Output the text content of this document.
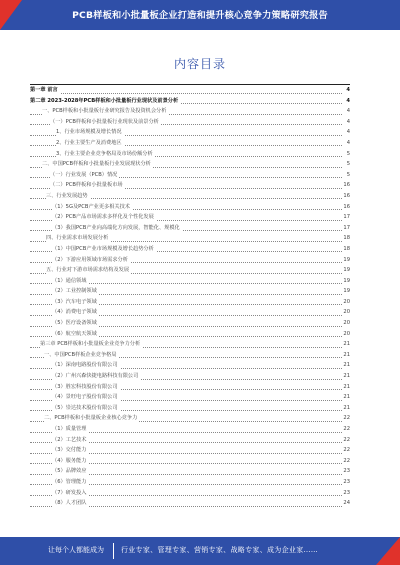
PCB样板和小批量板企业打造和提升核心竞争力策略研究报告
内容目录
第一章 前言	4
第二章 2023-2028年PCB样板和小批量板行业现状及前景分析	4
一、PCB样板和小批量板行业研究报告及投资机会分析	4
（一）PCB样板和小批量板行业现状及前景分析	4
1、行业市场规模及增长情况	4
2、行业主要生产及消费地区	4
3、行业主要企业竞争格局及市场份额分析	5
二、中国PCB样板和小批量板行业发展现状分析	5
（一）行业发展（PCB）情况	5
（二）PCB样板和小批量板市场	16
三、行业发展趋势	16
（1）5G及PCB产业更多相关技术	16
（2）PCB产品市场需求多样化及个性化发展	17
（3）我国PCB产业向高端化方向发展，智能化、规模化	17
四、行业需求市场发展分析	18
（1）中国PCB产业市场规模及增长趋势分析	18
（2）下游应用领域市场需求分析	19
五、行业对下游市场需求结构及发展	19
（1）通信领域	19
（2）工业控制领域	19
（3）汽车电子领域	20
（4）消费电子领域	20
（5）医疗设备领域	20
（6）航空航天领域	20
第三章 PCB样板和小批量板企业竞争力分析	21
一、中国PCB样板企业竞争格局	21
（1）深南电路股份有限公司	21
（2）广州兴森快捷电路科技有限公司	21
（3）胜宏科技股份有限公司	21
（4）景旺电子股份有限公司	21
（5）崇达技术股份有限公司	21
二、PCB样板和小批量板企业核心竞争力	22
（1）质量管理	22
（2）工艺技术	22
（3）交付能力	22
（4）服务能力	22
（5）品牌效应	23
（6）管理能力	23
（7）研发投入	23
（8）人才团队	24
让每个人都能成为 行业专家、管理专家、营销专家、战略专家、成为企业家……
